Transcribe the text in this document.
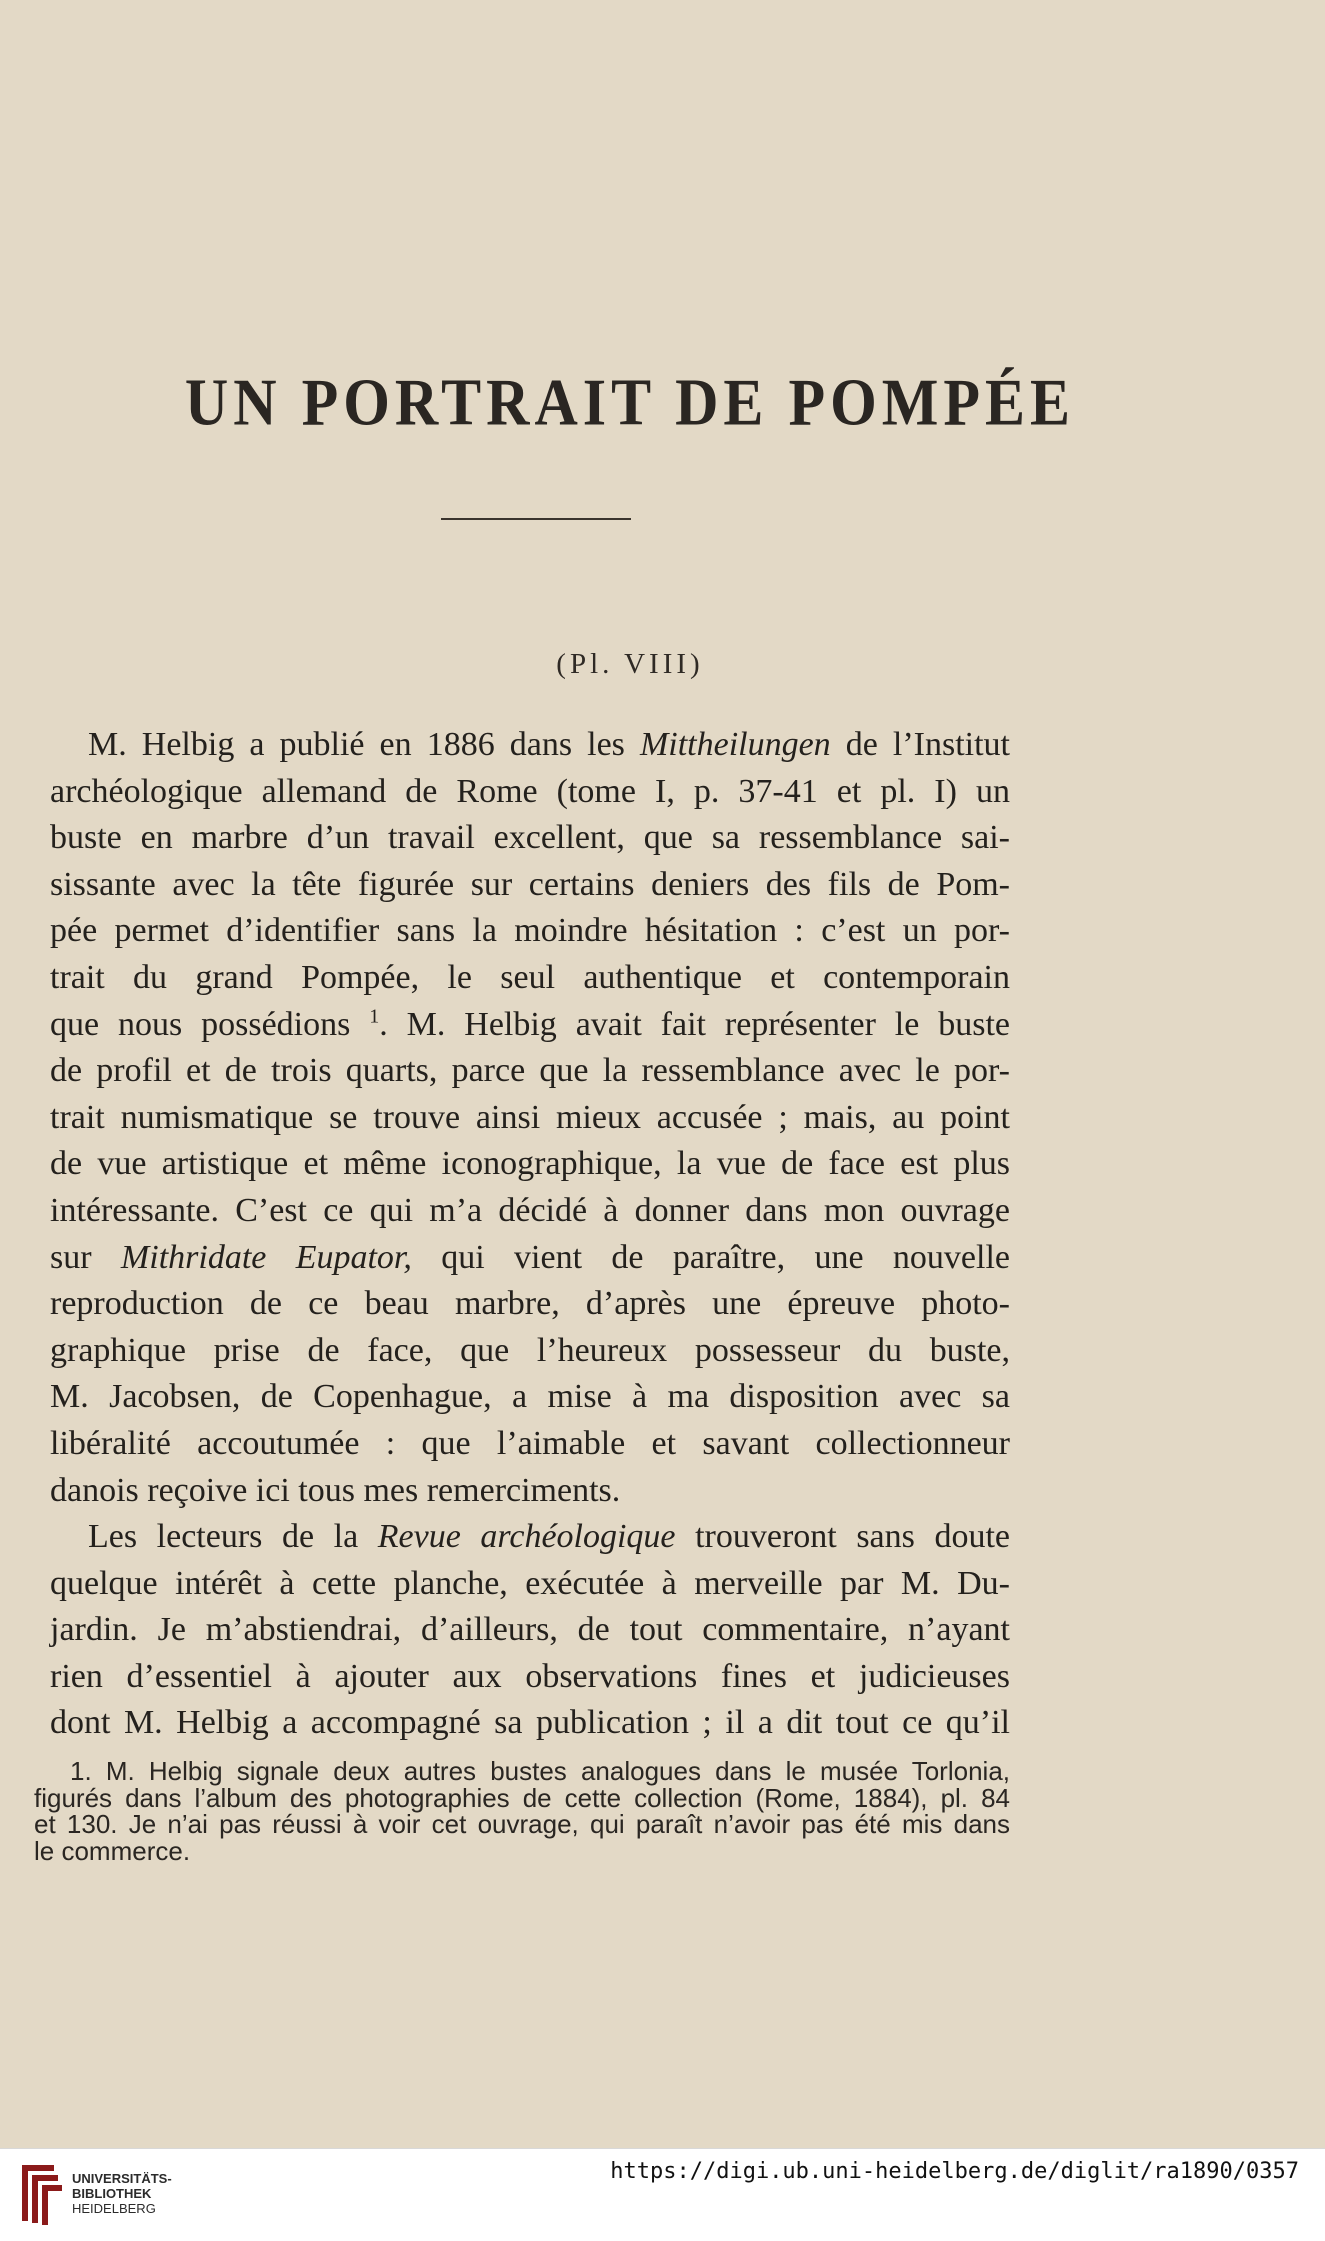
UN PORTRAIT DE POMPÉE
(Pl. VIII)
M. Helbig a publié en 1886 dans les Mittheilungen de l’Institut
archéologique allemand de Rome (tome I, p. 37-41 et pl. I) un
buste en marbre d’un travail excellent, que sa ressemblance sai-
sissante avec la tête figurée sur certains deniers des fils de Pom-
pée permet d’identifier sans la moindre hésitation : c’est un por-
trait du grand Pompée, le seul authentique et contemporain
que nous possédions $^1$. M. Helbig avait fait représenter le buste
de profil et de trois quarts, parce que la ressemblance avec le por-
trait numismatique se trouve ainsi mieux accusée ; mais, au point
de vue artistique et même iconographique, la vue de face est plus
intéressante. C’est ce qui m’a décidé à donner dans mon ouvrage
sur Mithridate Eupator, qui vient de paraître, une nouvelle
reproduction de ce beau marbre, d’après une épreuve photo-
graphique prise de face, que l’heureux possesseur du buste,
M. Jacobsen, de Copenhague, a mise à ma disposition avec sa
libéralité accoutumée : que l’aimable et savant collectionneur
danois reçoive ici tous mes remerciments.
Les lecteurs de la Revue archéologique trouveront sans doute
quelque intérêt à cette planche, exécutée à merveille par M. Du-
jardin. Je m’abstiendrai, d’ailleurs, de tout commentaire, n’ayant
rien d’essentiel à ajouter aux observations fines et judicieuses
dont M. Helbig a accompagné sa publication ; il a dit tout ce qu’il
1. M. Helbig signale deux autres bustes analogues dans le musée Torlonia,
figurés dans l’album des photographies de cette collection (Rome, 1884), pl. 84
et 130. Je n’ai pas réussi à voir cet ouvrage, qui paraît n’avoir pas été mis dans
le commerce.
UNIVERSITÄTS-
BIBLIOTHEK
HEIDELBERG
https://digi.ub.uni-heidelberg.de/diglit/ra1890/0357
